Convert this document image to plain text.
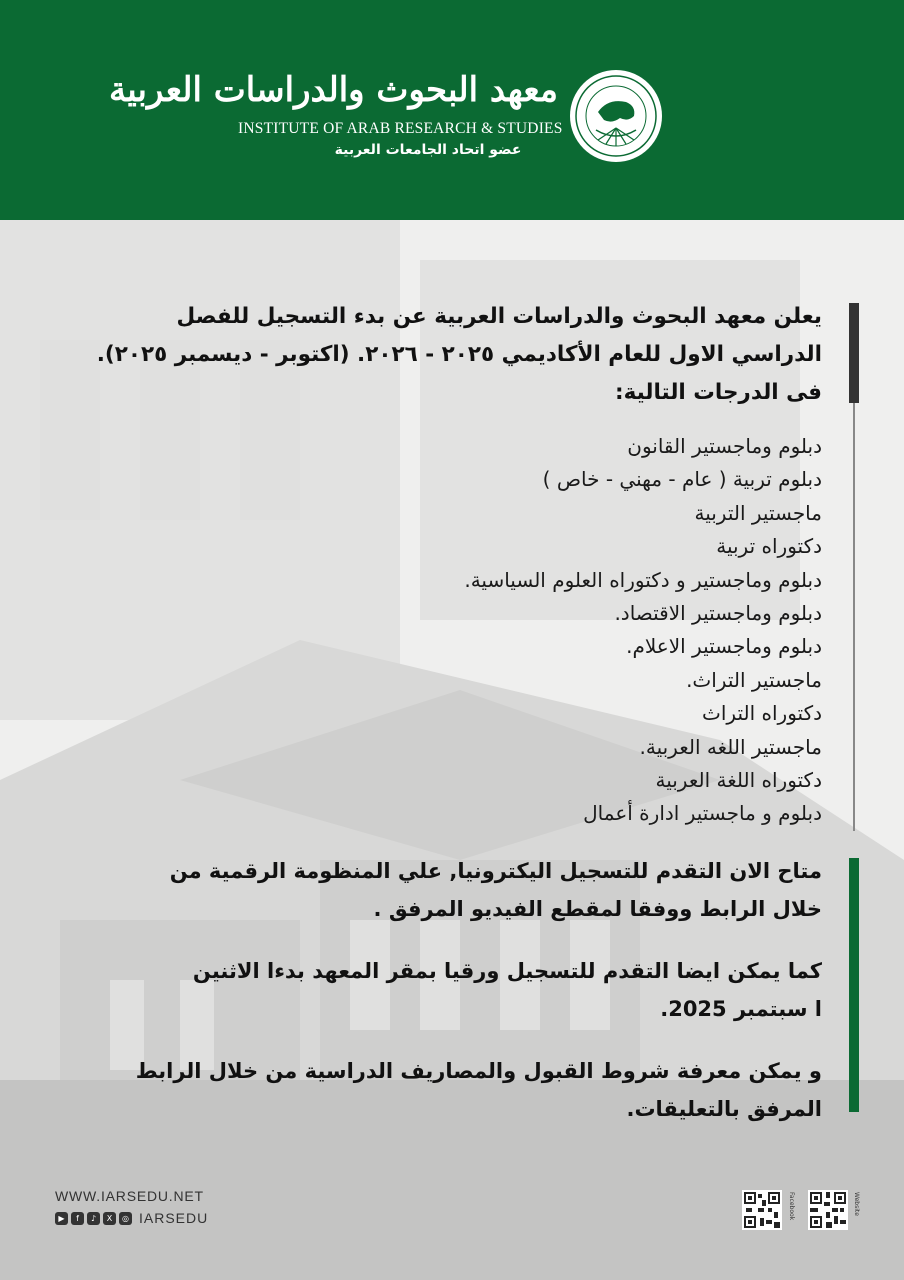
معهد البحوث والدراسات العربية
INSTITUTE OF ARAB RESEARCH & STUDIES
عضو اتحاد الجامعات العربية

يعلن معهد البحوث والدراسات العربية عن بدء التسجيل للفصل

الدراسي الاول للعام الأكاديمي ٢٠٢٥ - ٢٠٢٦. (اكتوبر - ديسمبر ٢٠٢٥).

فى الدرجات التالية:

دبلوم وماجستير القانون
دبلوم تربية ( عام - مهني - خاص )
ماجستير التربية
دكتوراه تربية
دبلوم وماجستير و دكتوراه العلوم السياسية.
دبلوم وماجستير الاقتصاد.
دبلوم وماجستير الاعلام.
ماجستير التراث.
دكتوراه التراث
ماجستير اللغه العربية.
دكتوراه اللغة العربية
دبلوم و ماجستير ادارة أعمال

متاح الان التقدم للتسجيل اليكترونيا, علي المنظومة الرقمية من

خلال الرابط ووفقا لمقطع الفيديو المرفق .

كما يمكن ايضا التقدم للتسجيل ورقيا بمقر المعهد بدءا الاثنين

ا سبتمبر 2025.

و يمكن معرفة شروط القبول والمصاريف الدراسية من خلال الرابط

المرفق بالتعليقات.

WWW.IARSEDU.NET
▶	f	♪	X	◎ IARSEDU	Facebook	Website
